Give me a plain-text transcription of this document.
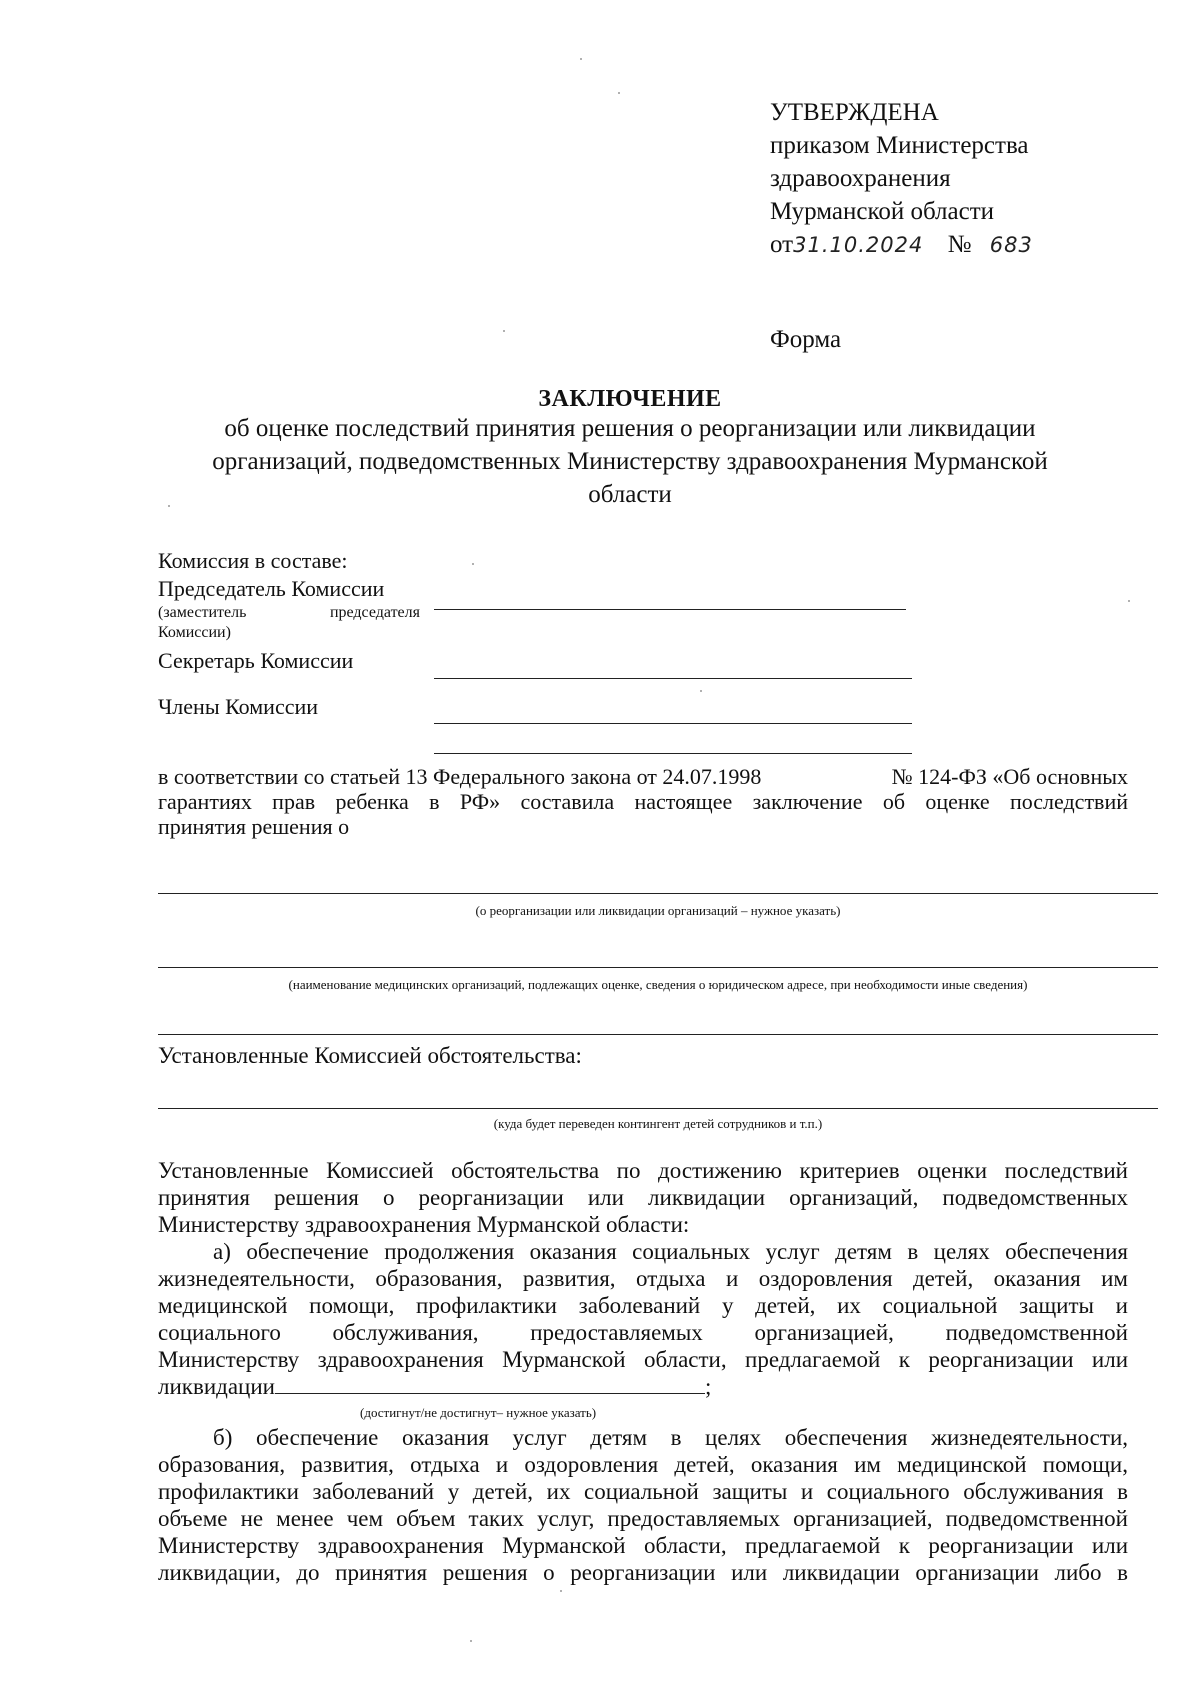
УТВЕРЖДЕНА
приказом Министерства
здравоохранения
Мурманской области
от31.10.2024 № 683
Форма
ЗАКЛЮЧЕНИЕ
об оценке последствий принятия решения о реорганизации или ликвидации
организаций, подведомственных Министерству здравоохранения Мурманской
области
Комиссия в составе:
Председатель Комиссии
(заместитель	председателя
Комиссии)
Секретарь Комиссии
Члены Комиссии
в соответствии со статьей 13 Федерального закона от 24.07.1998	№ 124-ФЗ «Об основных
гарантиях прав ребенка в РФ» составила настоящее заключение об оценке последствий
принятия решения о
(о реорганизации или ликвидации организаций – нужное указать)
(наименование медицинских организаций, подлежащих оценке, сведения о юридическом адресе, при необходимости иные сведения)
Установленные Комиссией обстоятельства:
(куда будет переведен контингент детей сотрудников и т.п.)
Установленные Комиссией обстоятельства по достижению критериев оценки последствий
принятия решения о реорганизации или ликвидации организаций, подведомственных
Министерству здравоохранения Мурманской области:
а) обеспечение продолжения оказания социальных услуг детям в целях обеспечения
жизнедеятельности, образования, развития, отдыха и оздоровления детей, оказания им
медицинской помощи, профилактики заболеваний у детей, их социальной защиты и
социального обслуживания, предоставляемых организацией, подведомственной
Министерству здравоохранения Мурманской области, предлагаемой к реорганизации или
ликвидации	;
(достигнут/не достигнут– нужное указать)
б) обеспечение оказания услуг детям в целях обеспечения жизнедеятельности,
образования, развития, отдыха и оздоровления детей, оказания им медицинской помощи,
профилактики заболеваний у детей, их социальной защиты и социального обслуживания в
объеме не менее чем объем таких услуг, предоставляемых организацией, подведомственной
Министерству здравоохранения Мурманской области, предлагаемой к реорганизации или
ликвидации, до принятия решения о реорганизации или ликвидации организации либо в
